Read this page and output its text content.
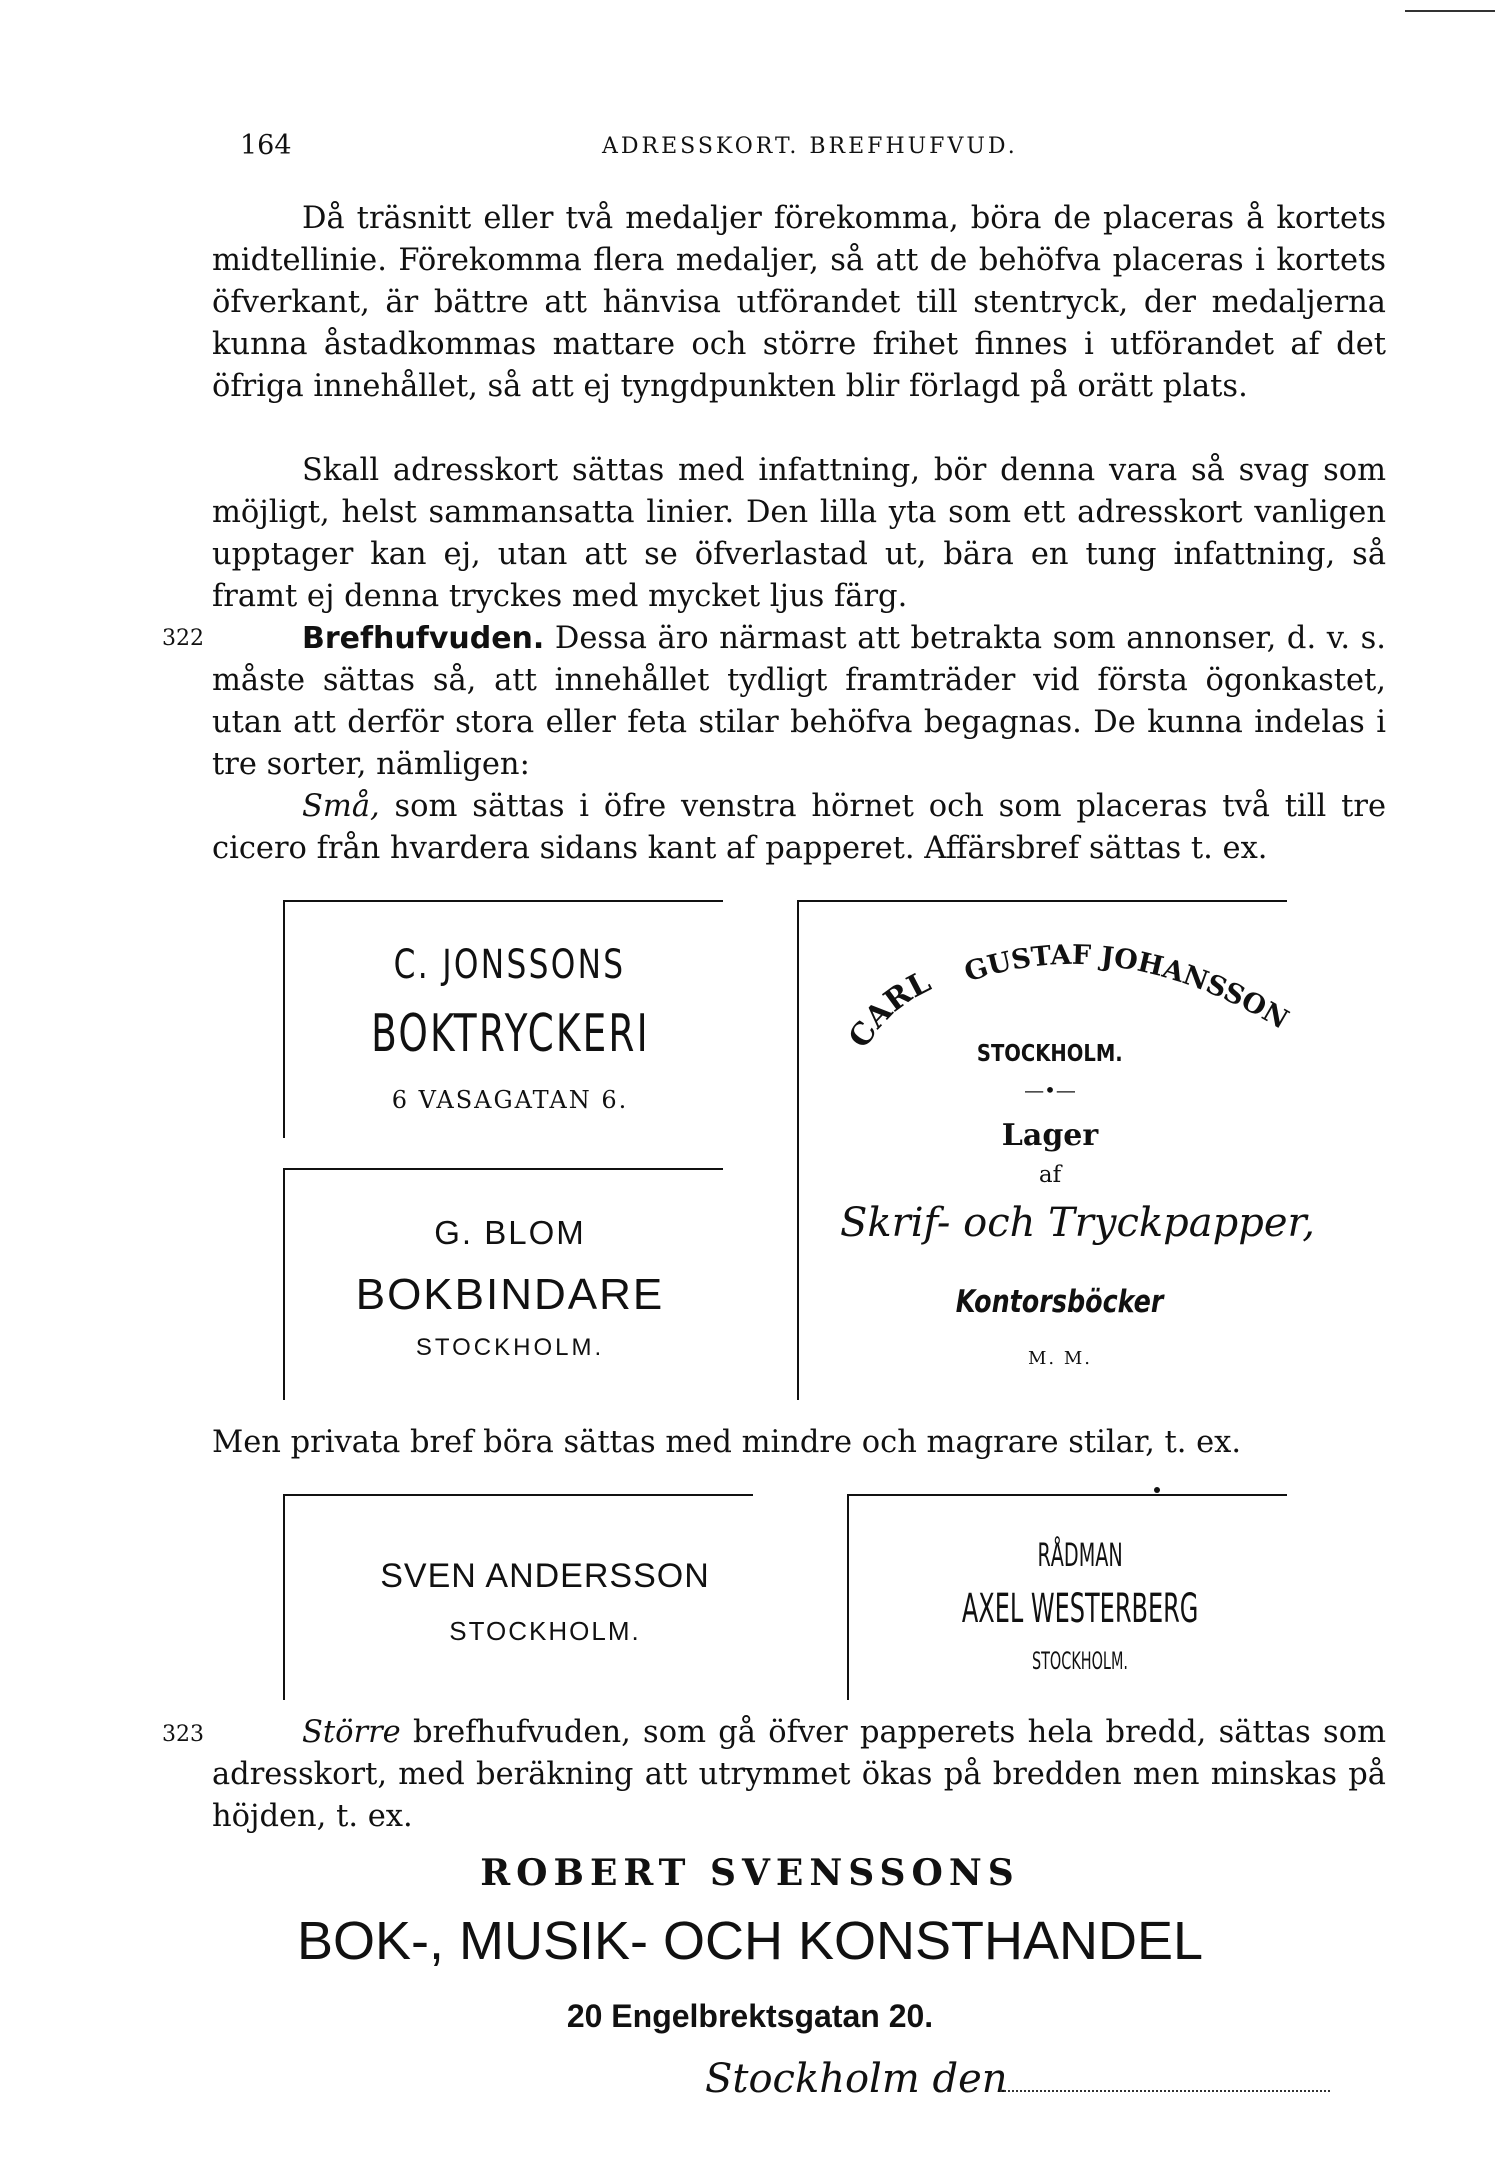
164	ADRESSKORT. BREFHUFVUD.

Då träsnitt eller två medaljer förekomma, böra de placeras å kortets midtellinie. Förekomma flera medaljer, så att de behöfva placeras i kortets öfverkant, är bättre att hänvisa utförandet till stentryck, der medaljerna kunna åstadkommas mattare och större frihet finnes i utförandet af det öfriga innehållet, så att ej tyngdpunkten blir förlagd på orätt plats.

Skall adresskort sättas med infattning, bör denna vara så svag som möjligt, helst sammansatta linier. Den lilla yta som ett adresskort vanligen upptager kan ej, utan att se öfverlastad ut, bära en tung infattning, så framt ej denna tryckes med mycket ljus färg.

322	Brefhufvuden. Dessa äro närmast att betrakta som annonser, d. v. s. måste sättas så, att innehållet tydligt framträder vid första ögonkastet, utan att derför stora eller feta stilar behöfva begagnas. De kunna indelas i tre sorter, nämligen:

Små, som sättas i öfre venstra hörnet och som placeras två till tre cicero från hvardera sidans kant af papperet. Affärsbref sättas t. ex.

C. JONSSONS
BOKTRYCKERI
6 VASAGATAN 6.
G. BLOM
BOKBINDARE
STOCKHOLM.
CARL GUSTAF JOHANSSON
STOCKHOLM.
—•—
Lager
af
Skrif- och Tryckpapper,
Kontorsböcker
M. M.

Men privata bref böra sättas med mindre och magrare stilar, t. ex.

SVEN ANDERSSON
STOCKHOLM.
RÅDMAN
AXEL WESTERBERG
STOCKHOLM.
323	Större brefhufvuden, som gå öfver papperets hela bredd, sättas som adresskort, med beräkning att utrymmet ökas på bredden men minskas på höjden, t. ex.

ROBERT SVENSSONS
BOK-, MUSIK- OCH KONSTHANDEL
20 Engelbrektsgatan 20.
Stockholm den
